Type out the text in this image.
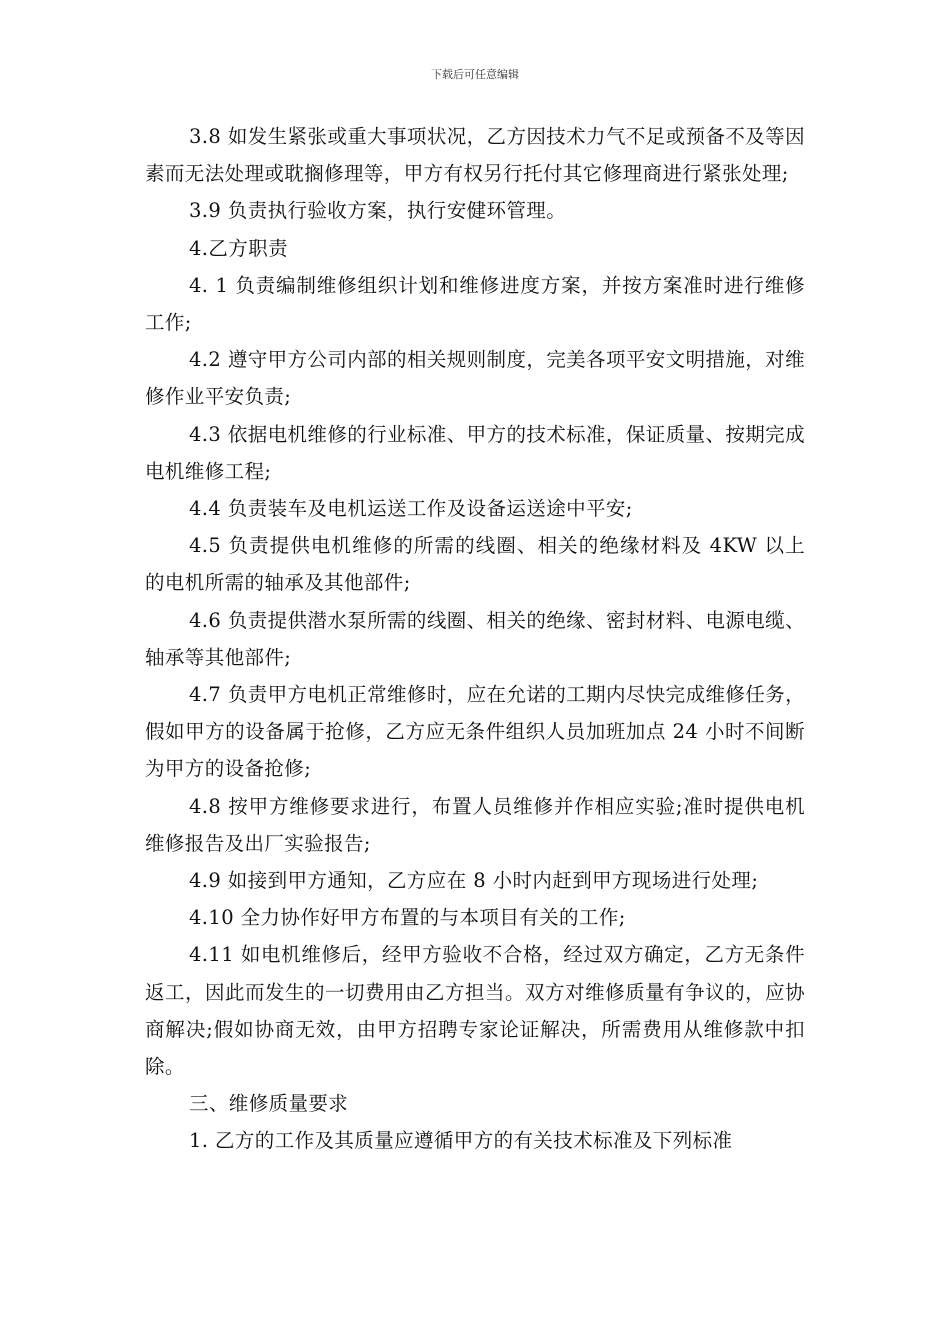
下载后可任意编辑

3.8 如发生紧张或重大事项状况，乙方因技术力气不足或预备不及等因素而无法处理或耽搁修理等，甲方有权另行托付其它修理商进行紧张处理;

3.9 负责执行验收方案，执行安健环管理。

4.乙方职责

4. 1 负责编制维修组织计划和维修进度方案，并按方案准时进行维修工作;

4.2 遵守甲方公司内部的相关规则制度，完美各项平安文明措施，对维修作业平安负责;

4.3 依据电机维修的行业标准、甲方的技术标准，保证质量、按期完成电机维修工程;

4.4 负责装车及电机运送工作及设备运送途中平安;

4.5 负责提供电机维修的所需的线圈、相关的绝缘材料及 4KW 以上的电机所需的轴承及其他部件;

4.6 负责提供潜水泵所需的线圈、相关的绝缘、密封材料、电源电缆、轴承等其他部件;

4.7 负责甲方电机正常维修时，应在允诺的工期内尽快完成维修任务，假如甲方的设备属于抢修，乙方应无条件组织人员加班加点 24 小时不间断为甲方的设备抢修;

4.8 按甲方维修要求进行，布置人员维修并作相应实验;准时提供电机维修报告及出厂实验报告;

4.9 如接到甲方通知，乙方应在 8 小时内赶到甲方现场进行处理;

4.10 全力协作好甲方布置的与本项目有关的工作;

4.11 如电机维修后，经甲方验收不合格，经过双方确定，乙方无条件返工，因此而发生的一切费用由乙方担当。双方对维修质量有争议的，应协商解决;假如协商无效，由甲方招聘专家论证解决，所需费用从维修款中扣除。

三、维修质量要求

1. 乙方的工作及其质量应遵循甲方的有关技术标准及下列标准
